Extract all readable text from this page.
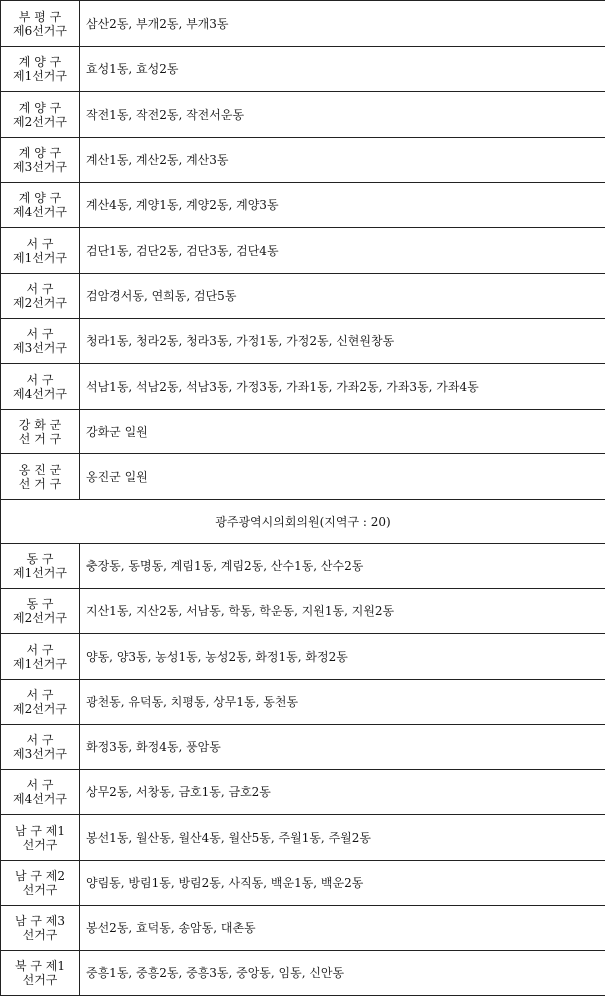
부 평 구
제6선거구	삼산2동, 부개2동, 부개3동
계 양 구
제1선거구	효성1동, 효성2동
계 양 구
제2선거구	작전1동, 작전2동, 작전서운동
계 양 구
제3선거구	계산1동, 계산2동, 계산3동
계 양 구
제4선거구	계산4동, 계양1동, 계양2동, 계양3동
서 구
제1선거구	검단1동, 검단2동, 검단3동, 검단4동
서 구
제2선거구	검암경서동, 연희동, 검단5동
서 구
제3선거구	청라1동, 청라2동, 청라3동, 가정1동, 가정2동, 신현원창동
서 구
제4선거구	석남1동, 석남2동, 석남3동, 가정3동, 가좌1동, 가좌2동, 가좌3동, 가좌4동
강 화 군
선 거 구	강화군 일원
옹 진 군
선 거 구	옹진군 일원
광주광역시의회의원(지역구 : 20)	
동 구
제1선거구	충장동, 동명동, 계림1동, 계림2동, 산수1동, 산수2동
동 구
제2선거구	지산1동, 지산2동, 서남동, 학동, 학운동, 지원1동, 지원2동
서 구
제1선거구	양동, 양3동, 농성1동, 농성2동, 화정1동, 화정2동
서 구
제2선거구	광천동, 유덕동, 치평동, 상무1동, 동천동
서 구
제3선거구	화정3동, 화정4동, 풍암동
서 구
제4선거구	상무2동, 서창동, 금호1동, 금호2동
남 구 제1
선거구	봉선1동, 월산동, 월산4동, 월산5동, 주월1동, 주월2동
남 구 제2
선거구	양림동, 방림1동, 방림2동, 사직동, 백운1동, 백운2동
남 구 제3
선거구	봉선2동, 효덕동, 송암동, 대촌동
북 구 제1
선거구	중흥1동, 중흥2동, 중흥3동, 중앙동, 임동, 신안동
